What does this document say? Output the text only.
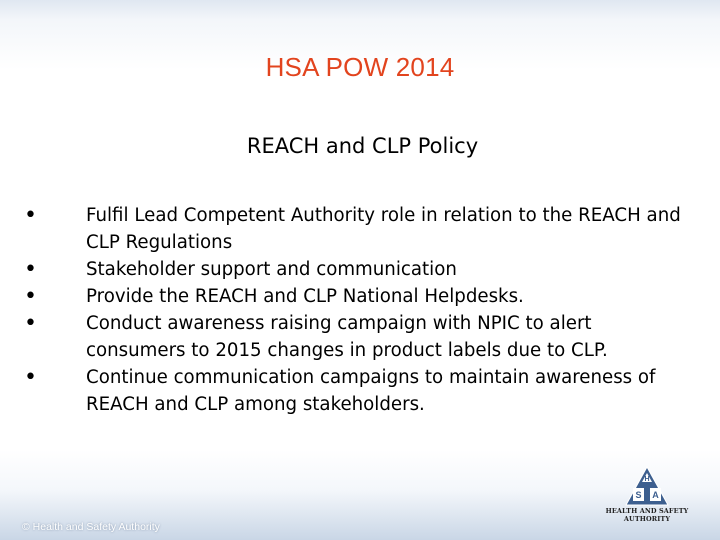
HSA POW 2014
REACH and CLP Policy
•	Fulfil Lead Competent Authority role in relation to the REACH and CLP Regulations
•	Stakeholder support and communication
•	Provide the REACH and CLP National Helpdesks.
•	Conduct awareness raising campaign with NPIC to alert consumers to 2015 changes in product labels due to CLP.
•	Continue communication campaigns to maintain awareness of REACH and CLP among stakeholders.
© Health and Safety Authority
H
S A
HEALTH AND SAFETY
AUTHORITY
